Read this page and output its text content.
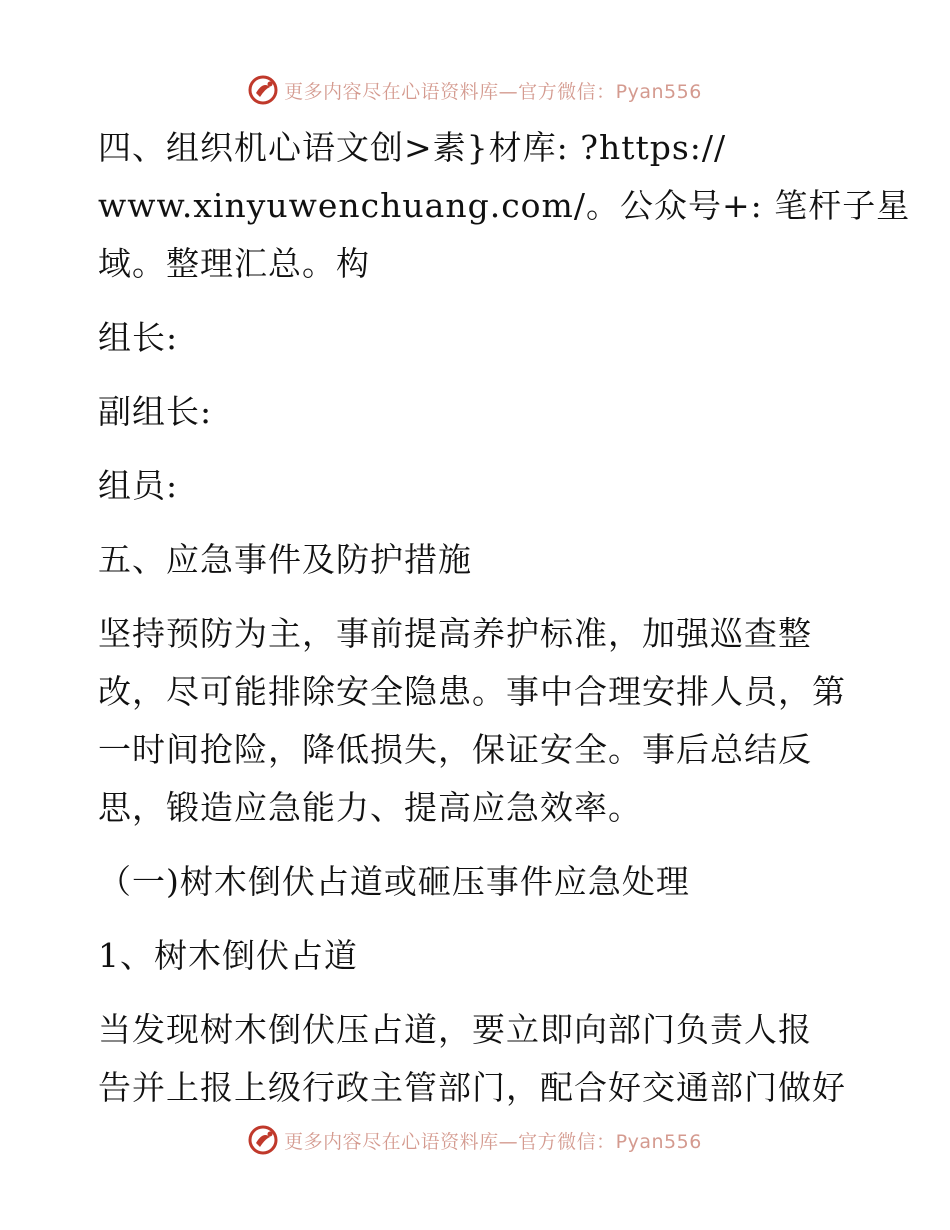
更多内容尽在心语资料库—官方微信：Pyan556
四、组织机心语文创>素}材库: ?https://
www.xinyuwenchuang.com/。公众号+: 笔杆子星
域。整理汇总。构
组长:
副组长:
组员:
五、应急事件及防护措施
坚持预防为主，事前提高养护标准，加强巡查整
改，尽可能排除安全隐患。事中合理安排人员，第
一时间抢险，降低损失，保证安全。事后总结反
思，锻造应急能力、提高应急效率。
（一)树木倒伏占道或砸压事件应急处理
1、树木倒伏占道
当发现树木倒伏压占道，要立即向部门负责人报
告并上报上级行政主管部门，配合好交通部门做好
更多内容尽在心语资料库—官方微信：Pyan556
